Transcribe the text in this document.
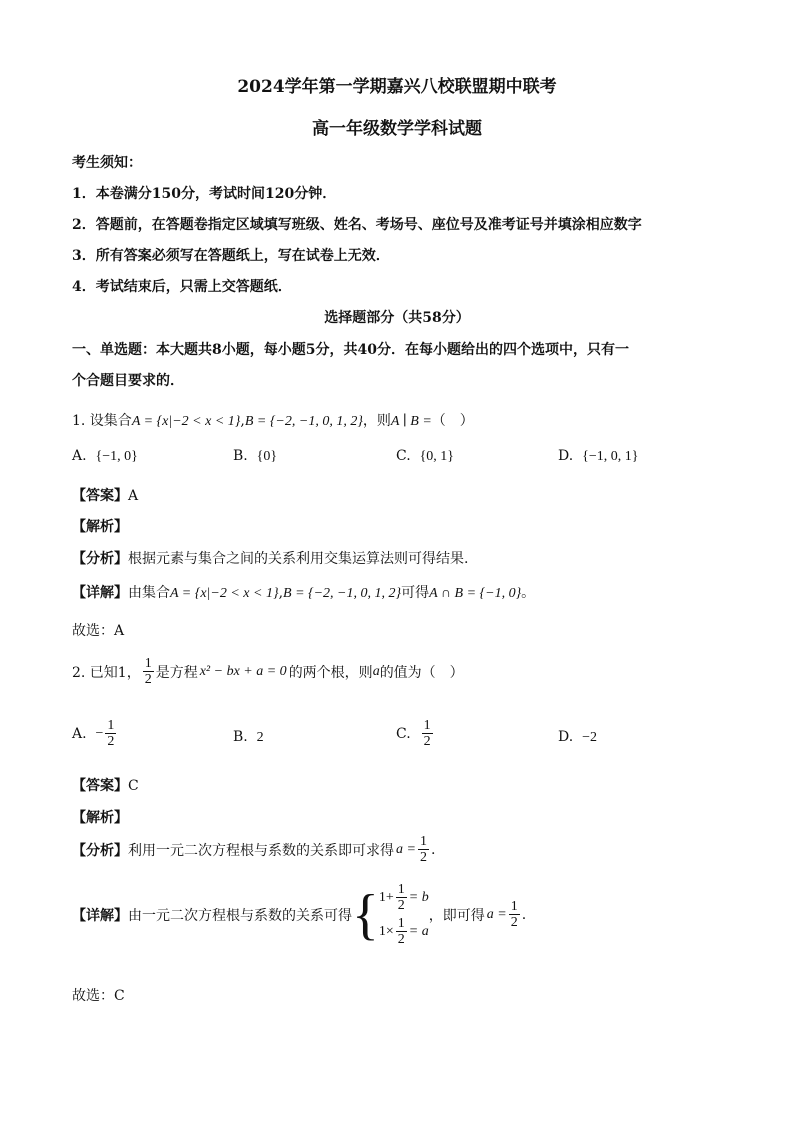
2024学年第一学期嘉兴八校联盟期中联考
高一年级数学学科试题
考生须知：
1．本卷满分150分，考试时间120分钟．
2．答题前，在答题卷指定区域填写班级、姓名、考场号、座位号及准考证号并填涂相应数字
3．所有答案必须写在答题纸上，写在试卷上无效．
4．考试结束后，只需上交答题纸．
选择题部分（共58分）
一、单选题：本大题共8小题，每小题5分，共40分．在每小题给出的四个选项中，只有一
个合题目要求的．
1. 设集合A = {x|−2 < x < 1},B = {−2, −1, 0, 1, 2}，则A ∣ B =（　）
A. {−1, 0}	B. {0}	C. {0, 1}	D. {−1, 0, 1}
【答案】A
【解析】
【分析】根据元素与集合之间的关系利用交集运算法则可得结果.
【详解】由集合A = {x|−2 < x < 1},B = {−2, −1, 0, 1, 2}可得A ∩ B = {−1, 0}。
故选：A
2. 已知1， $\frac{1}{2}$ 是方程 x² − bx + a = 0 的两个根，则 a 的值为（　）
A.
− $\frac{1}{2}$	B. 2	C.
$\frac{1}{2}$	D. −2
【答案】C
【解析】
【分析】 利用一元二次方程根与系数的关系即可求得 $a = \frac{1}{2}$ .
【详解】 由一元二次方程根与系数的关系可得 { $1+ \frac{1}{2} = b$
$1\times \frac{1}{2} = a$
，即可得 $a = \frac{1}{2}$ .
故选：C
